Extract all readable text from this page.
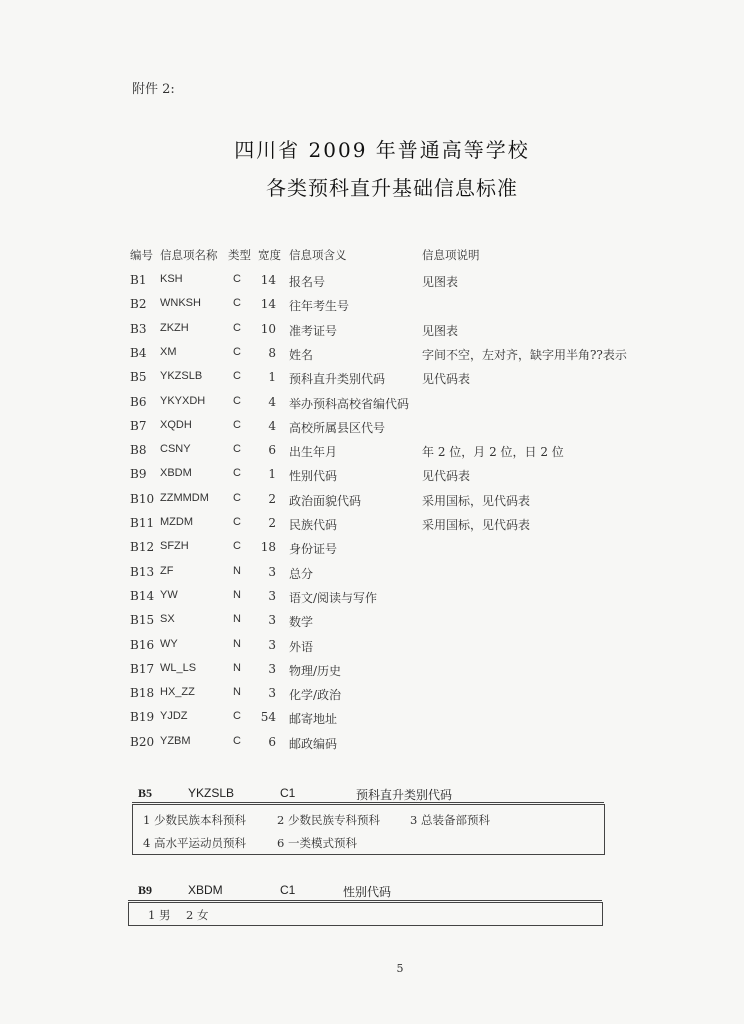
附件 2:
四川省 2009 年普通高等学校
各类预科直升基础信息标准
编号 信息项名称 类型 宽度 信息项含义	信息项说明
B1 KSH	C	14 报名号	见图表
B2 WNKSH	C	14 往年考生号
B3 ZKZH	C	10 准考证号	见图表
B4 XM	C	8 姓名	字间不空，左对齐，缺字用半角??表示
B5 YKZSLB	C	1 预科直升类别代码	见代码表
B6 YKYXDH	C	4 举办预科高校省编代码
B7 XQDH	C	4 高校所属县区代号
B8 CSNY	C	6 出生年月	年 2 位，月 2 位，日 2 位
B9 XBDM	C	1 性别代码	见代码表
B10 ZZMMDM C	2 政治面貌代码	采用国标，见代码表
B11 MZDM	C	2 民族代码	采用国标，见代码表
B12 SFZH	C	18 身份证号
B13 ZF	N	3 总分
B14 YW	N	3 语文/阅读与写作
B15 SX	N	3 数学
B16 WY	N	3 外语
B17 WL_LS	N	3 物理/历史
B18 HX_ZZ	N	3 化学/政治
B19 YJDZ	C	54 邮寄地址
B20 YZBM	C	6 邮政编码
B5	YKZSLB	C1	预科直升类别代码
1 少数民族本科预科	2 少数民族专科预科	3 总装备部预科
4 高水平运动员预科	6 一类模式预科
B9	XBDM	C1	性别代码
1 男 2 女
5
